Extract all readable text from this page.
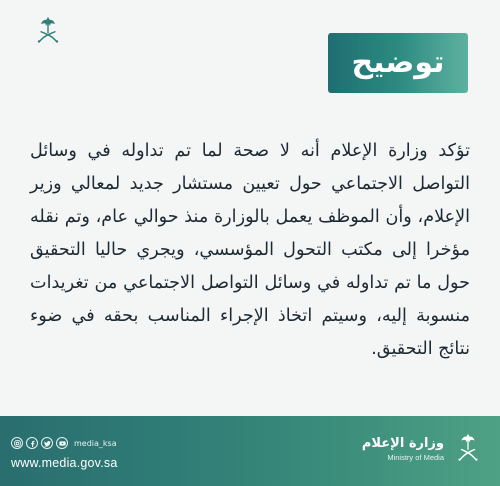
توضيح

تؤكد وزارة الإعلام أنه لا صحة لما تم تداوله في وسائل التواصل الاجتماعي حول تعيين مستشار جديد لمعالي وزير الإعلام، وأن الموظف يعمل بالوزارة منذ حوالي عام، وتم نقله مؤخرا إلى مكتب التحول المؤسسي، ويجري حاليا التحقيق حول ما تم تداوله في وسائل التواصل الاجتماعي من تغريدات منسوبة إليه، وسيتم اتخاذ الإجراء المناسب بحقه في ضوء نتائج التحقيق.

media_ksa
www.media.gov.sa
وزارة الإعلام
Ministry of Media
